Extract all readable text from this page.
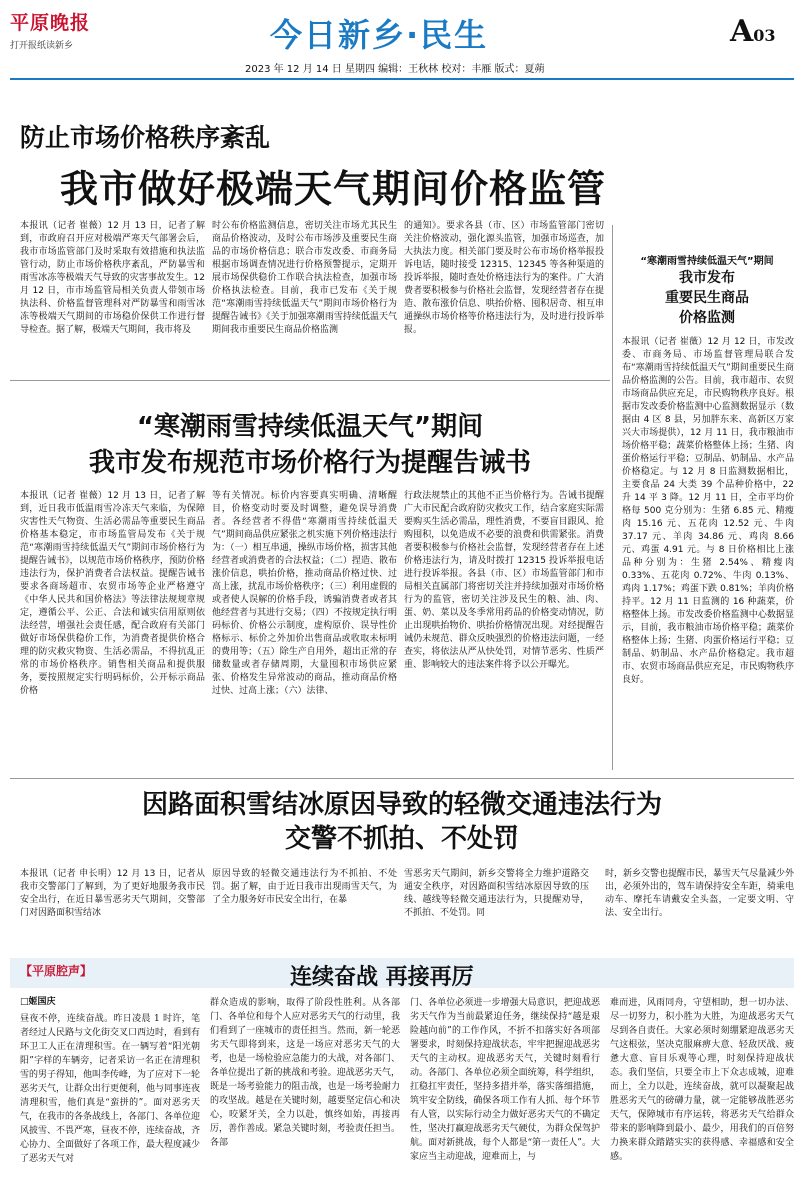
平原晚报
打开报纸读新乡	今日新乡·民生	A03
2023 年 12 月 14 日 星期四 编辑：王秋林 校对：丰雁 版式：夏蒴
防止市场价格秩序紊乱
我市做好极端天气期间价格监管
本报讯（记者 崔薇）12 月 13 日，记者了解到，市政府召开应对极端严寒天气部署会后，我市市场监管部门及时采取有效措施和执法监管行动，防止市场价格秩序紊乱，严防暴雪和雨雪冰冻等极端天气导致的灾害事故发生。12 月 12 日，市市场监管局相关负责人带领市场执法科、价格监督管理科对严防暴雪和雨雪冰冻等极端天气期间的市场稳价保供工作进行督导检查。据了解，极端天气期间，我市将及
时公布价格监测信息，密切关注市场尤其民生商品价格波动，及时公布市场涉及重要民生商品的市场价格信息；联合市发改委、市商务局根据市场调查情况进行价格预警提示，定期开展市场保供稳价工作联合执法检查，加强市场价格执法检查。目前，我市已发布《关于规范“寒潮雨雪持续低温天气”期间市场价格行为提醒告诫书》《关于加强寒潮雨雪持续低温天气期间我市重要民生商品价格监测
的通知》。要求各县（市、区）市场监管部门密切关注价格波动，强化源头监管，加强市场巡查，加大执法力度。相关部门要及时公布市场价格举报投诉电话，随时接受 12315、12345 等各种渠道的投诉举报，随时查处价格违法行为的案件。广大消费者要积极参与价格社会监督，发现经营者存在提造、散布涨价信息、哄抬价格、囤积居奇、相互串通操纵市场价格等价格违法行为，及时进行投诉举报。
“寒潮雨雪持续低温天气”期间
我市发布
重要民生商品
价格监测
本报讯（记者 崔薇）12 月 12 日，市发改委、市商务局、市场监督管理局联合发布“寒潮雨雪持续低温天气”期间重要民生商品价格监测的公告。目前，我市超市、农贸市场商品供应充足，市民购物秩序良好。根据市发改委价格监测中心监测数据显示（数据由 4 区 8 县，另加胖东来、高新区万家兴大市场提供），12 月 11 日，我市粮油市场价格平稳；蔬菜价格整体上扬；生猪、肉蛋价格运行平稳；豆制品、奶制品、水产品价格稳定。与 12 月 8 日监测数据相比，主要食品 24 大类 39 个品种价格中，22 升 14 平 3 降。12 月 11 日，全市平均价格每 500 克分别为：生猪 6.85 元、精瘦肉 15.16 元、五花肉 12.52 元、牛肉 37.17 元、羊肉 34.86 元、鸡肉 8.66 元、鸡蛋 4.91 元。与 8 日价格相比上涨品种分别为：生猪 2.54%、精瘦肉 0.33%、五花肉 0.72%、牛肉 0.13%、鸡肉 1.17%；鸡蛋下跌 0.81%；羊肉价格持平。12 月 11 日监测的 16 种蔬菜，价格整体上扬。市发改委价格监测中心数据显示，目前，我市粮油市场价格平稳；蔬菜价格整体上扬；生猪、肉蛋价格运行平稳；豆制品、奶制品、水产品价格稳定。我市超市、农贸市场商品供应充足，市民购物秩序良好。
“寒潮雨雪持续低温天气”期间
我市发布规范市场价格行为提醒告诫书
本报讯（记者 崔薇）12 月 13 日，记者了解到，近日我市低温雨雪冷冻天气来临，为保障灾害性天气物资、生活必需品等重要民生商品价格基本稳定，市市场监管局发布《关于规范“寒潮雨雪持续低温天气”期间市场价格行为提醒告诫书》，以规范市场价格秩序，预防价格违法行为，保护消费者合法权益。提醒告诫书要求各商场超市、农贸市场等企业严格遵守《中华人民共和国价格法》等法律法规规章规定，遵循公平、公正、合法和诚实信用原则依法经营，增强社会责任感，配合政府有关部门做好市场保供稳价工作，为消费者提供价格合理的防灾救灾物资、生活必需品，不得抗乱正常的市场价格秩序。销售相关商品和提供服务，要按照规定实行明码标价，公开标示商品价格
等有关情况。标价内容要真实明确、清晰醒目，价格变动时要及时调整，避免误导消费者。各经营者不得借“寒潮雨雪持续低温天气”期间商品供应紧张之机实施下列价格违法行为：（一）相互串通，操纵市场价格，损害其他经营者或消费者的合法权益；（二）捏造、散布涨价信息，哄抬价格，推动商品价格过快、过高上涨，扰乱市场价格秩序；（三）利用虚假的或者使人误解的价格手段，诱骗消费者或者其他经营者与其进行交易；（四）不按规定执行明码标价、价格公示制度，虚构原价、误导性价格标示、标价之外加价出售商品或收取未标明的费用等；（五）除生产自用外，超出正常的存储数量或者存储周期，大量囤积市场供应紧张、价格发生异常波动的商品，推动商品价格过快、过高上涨；（六）法律、
行政法规禁止的其他不正当价格行为。告诫书提醒广大市民配合政府防灾救灾工作，结合家庭实际需要购买生活必需品，理性消费，不要盲目跟风、抢购囤积，以免造成不必要的浪费和供需紧张。消费者要积极参与价格社会监督，发现经营者存在上述价格违法行为，请及时拨打 12315 投诉举报电话进行投诉举报。各县（市、区）市场监管部门和市局相关直属部门将密切关注并持续加强对市场价格行为的监管，密切关注涉及民生的粮、油、肉、蛋、奶、菜以及冬季常用药品的价格变动情况，防止出现哄抬物价、哄抬价格情况出现。对经提醒告诫仍未规范、群众反映强烈的价格违法问题，一经查实，将依法从严从快处罚，对情节恶劣、性质严重、影响较大的违法案件将予以公开曝光。
因路面积雪结冰原因导致的轻微交通违法行为
交警不抓拍、不处罚
本报讯（记者 申长明）12 月 13 日，记者从我市交警部门了解到，为了更好地服务我市民安全出行，在近日暴雪恶劣天气期间，交警部门对因路面积雪结冰
原因导致的轻微交通违法行为不抓拍、不处罚。据了解，由于近日我市出现雨雪天气，为了全力服务好市民安全出行，在暴
雪恶劣天气期间，新乡交警将全力维护道路交通安全秩序，对因路面积雪结冰原因导致的压线、越线等轻微交通违法行为，只提醒劝导，不抓拍、不处罚。同
时，新乡交警也提醒市民，暴雪天气尽量减少外出，必须外出的，驾车请保持安全车距，骑乘电动车、摩托车请戴安全头盔，一定要文明、守法、安全出行。
【平原腔声】	连续奋战 再接再厉
□姬国庆
昼夜不停，连续奋战。昨日凌晨 1 时许，笔者经过人民路与文化街交叉口西边时，看到有环卫工人正在清理积雪。在一辆写着“阳光朝阳”字样的车辆旁，记者采访一名正在清理积雪的男子得知，他叫李传峰，为了应对下一轮恶劣天气，让群众出行更便利，他与同事连夜清理积雪，他们真是“蛮拼的”。面对恶劣天气，在我市的各条战线上，各部门、各单位迎风披雪、不畏严寒，昼夜不停，连续奋战，齐心协力、全面做好了各项工作，最大程度减少了恶劣天气对
群众造成的影响，取得了阶段性胜利。从各部门、各单位和每个人应对恶劣天气的行动里，我们看到了一座城市的责任担当。然而，新一轮恶劣天气即将到来，这是一场应对恶劣天气的大考，也是一场检验应急能力的大战，对各部门、各单位提出了新的挑战和考验。迎战恶劣天气，既是一场考验能力的阻击战，也是一场考验耐力的攻坚战。越是在关键时刻，越要坚定信心和决心，咬紧牙关，全力以赴，慎终如始，再接再厉，善作善成。紧急关键时刻，考验责任担当。各部
门、各单位必须进一步增强大局意识，把迎战恶劣天气作为当前最紧迫任务，继续保持“越是艰险越向前”的工作作风，不折不扣落实好各项部署要求，时刻保持迎战状态，牢牢把握迎战恶劣天气的主动权。迎战恶劣天气，关键时刻看行动。各部门、各单位必须全面统筹，科学组织，扛稳扛牢责任，坚持多措并举，落实落细措施，筑牢安全防线，确保各项工作有人抓、每个环节有人管，以实际行动全力做好恶劣天气的不确定性，坚决打赢迎战恶劣天气硬仗，为群众保驾护航。面对新挑战，每个人都是“第一责任人”。大家应当主动迎战，迎难而上，与
难而进，风雨同舟，守望相助，想一切办法、尽一切努力，积小胜为大胜，为迎战恶劣天气尽到各自责任。大家必须时刻绷紧迎战恶劣天气这根弦，坚决克服麻痹大意、轻敌厌战、疲惫大意、盲目乐观等心理，时刻保持迎战状态。我们坚信，只要全市上下众志成城，迎难而上，全力以赴，连续奋战，就可以凝聚起战胜恶劣天气的磅礴力量，就一定能够战胜恶劣天气，保障城市有序运转，将恶劣天气给群众带来的影响降到最小、最少，用我们的百倍努力换来群众踏踏实实的获得感、幸福感和安全感。
